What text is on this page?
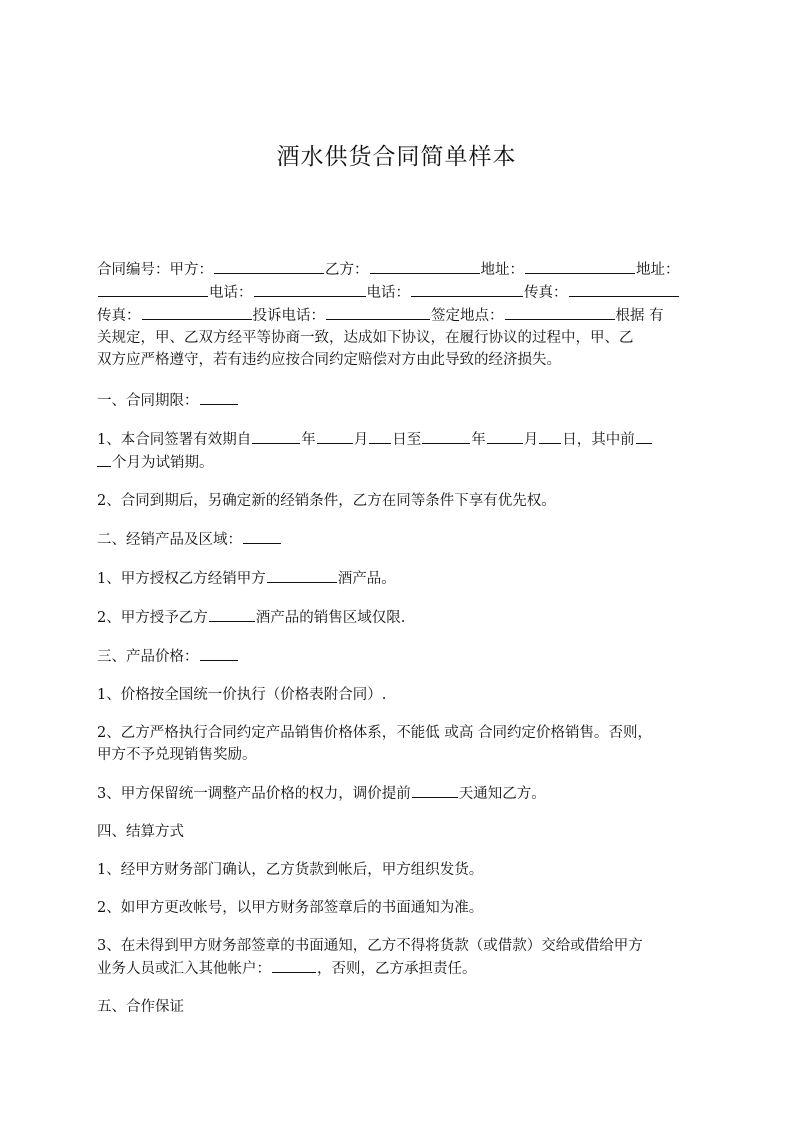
酒水供货合同简单样本

合同编号：甲方：	乙方：	地址：	地址：

电话：	电话：	传真：

传真：	投诉电话：	签定地点：	根据 有

关规定，甲、乙双方经平等协商一致，达成如下协议，在履行协议的过程中，甲、乙

双方应严格遵守，若有违约应按合同约定赔偿对方由此导致的经济损失。

一、合同期限：

1、本合同签署有效期自	年	月 日至	年	月 日，其中前

个月为试销期。

2、合同到期后，另确定新的经销条件，乙方在同等条件下享有优先权。

二、经销产品及区域：

1、甲方授权乙方经销甲方	酒产品。

2、甲方授予乙方	酒产品的销售区域仅限.

三、产品价格：

1、价格按全国统一价执行（价格表附合同）.

2、乙方严格执行合同约定产品销售价格体系，不能低 或高 合同约定价格销售。否则，

甲方不予兑现销售奖励。

3、甲方保留统一调整产品价格的权力，调价提前	天通知乙方。

四、结算方式

1、经甲方财务部门确认，乙方货款到帐后，甲方组织发货。

2、如甲方更改帐号，以甲方财务部签章后的书面通知为准。

3、在未得到甲方财务部签章的书面通知，乙方不得将货款（或借款）交给或借给甲方

业务人员或汇入其他帐户：	，否则，乙方承担责任。

五、合作保证
